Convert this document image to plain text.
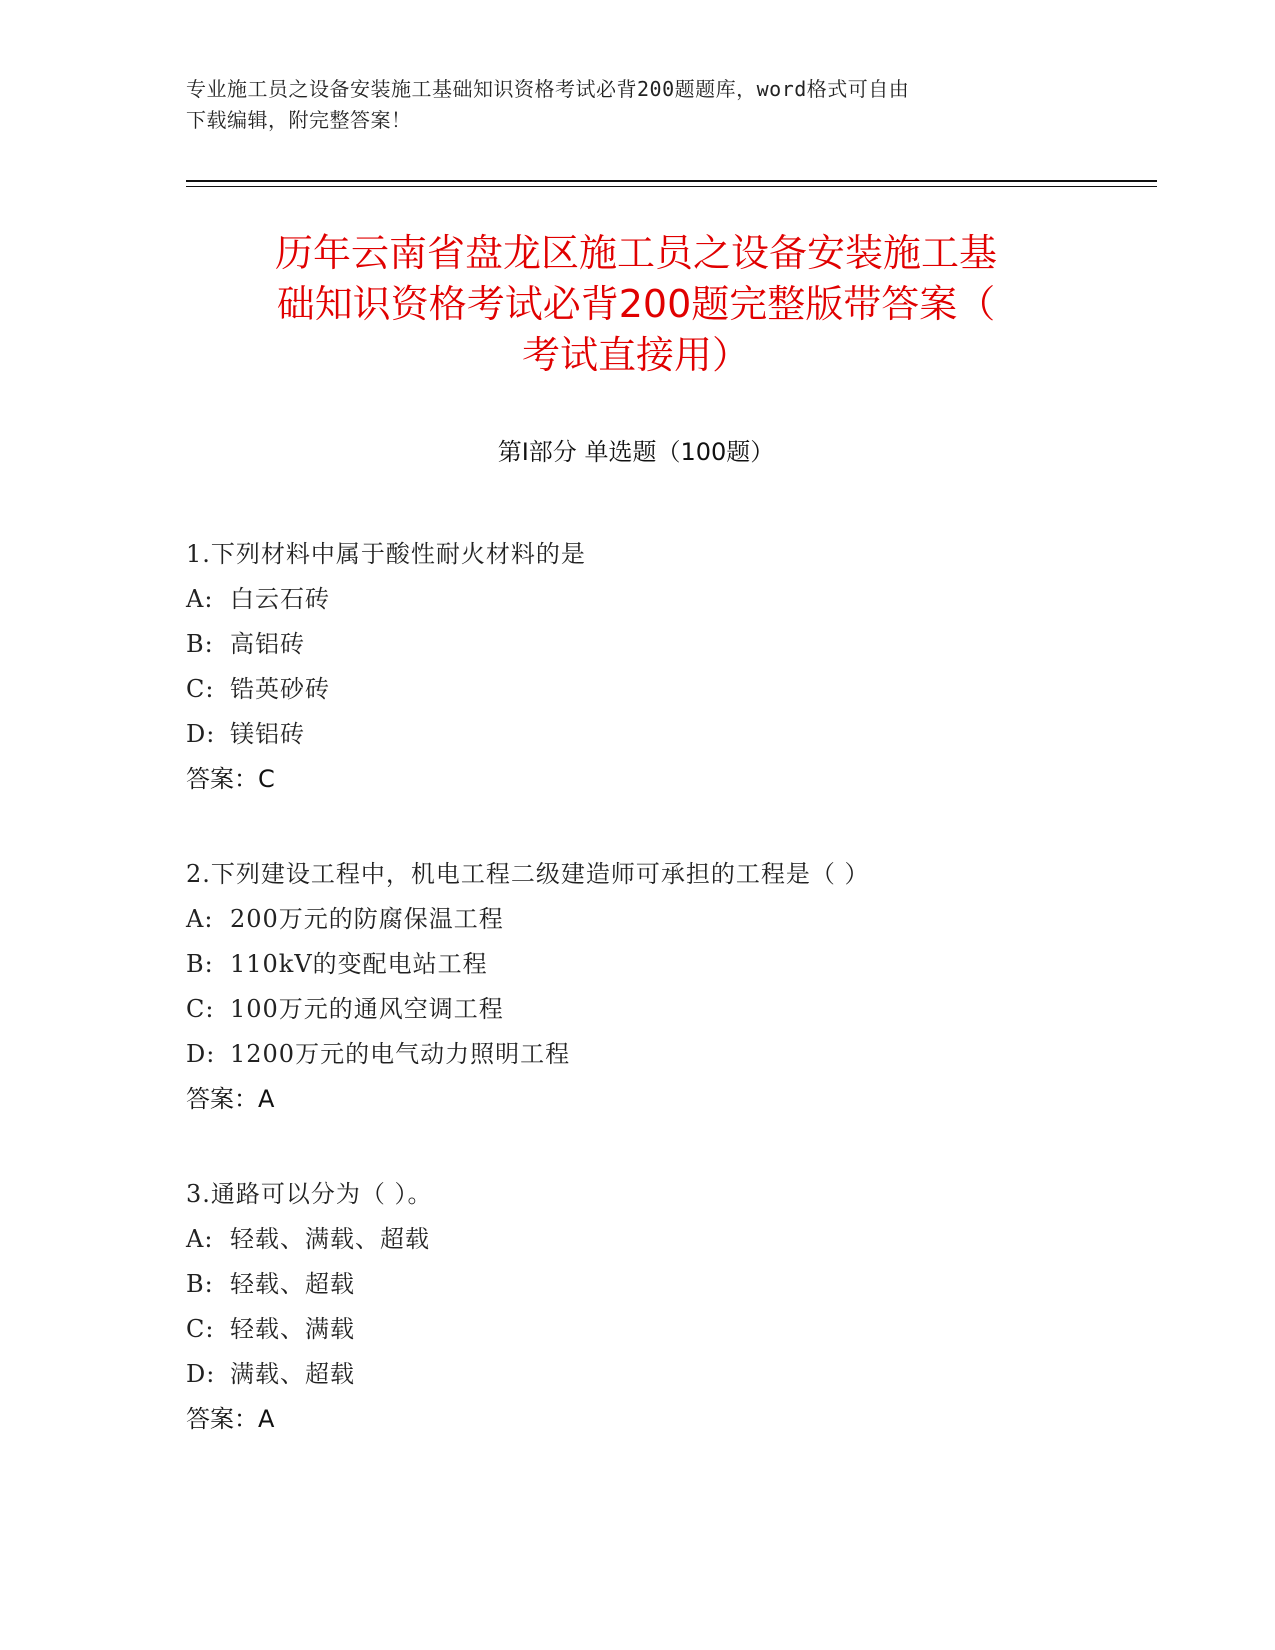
专业施工员之设备安装施工基础知识资格考试必背200题题库，word格式可自由
下载编辑，附完整答案！
历年云南省盘龙区施工员之设备安装施工基
础知识资格考试必背200题完整版带答案（
考试直接用）
第Ⅰ部分 单选题（100题）
1.下列材料中属于酸性耐火材料的是
A: 白云石砖
B: 高铝砖
C: 锆英砂砖
D: 镁铝砖
答案：C
2.下列建设工程中，机电工程二级建造师可承担的工程是（ ）
A: 200万元的防腐保温工程
B: 110kV的变配电站工程
C: 100万元的通风空调工程
D: 1200万元的电气动力照明工程
答案：A
3.通路可以分为（ ）。
A: 轻载、满载、超载
B: 轻载、超载
C: 轻载、满载
D: 满载、超载
答案：A
